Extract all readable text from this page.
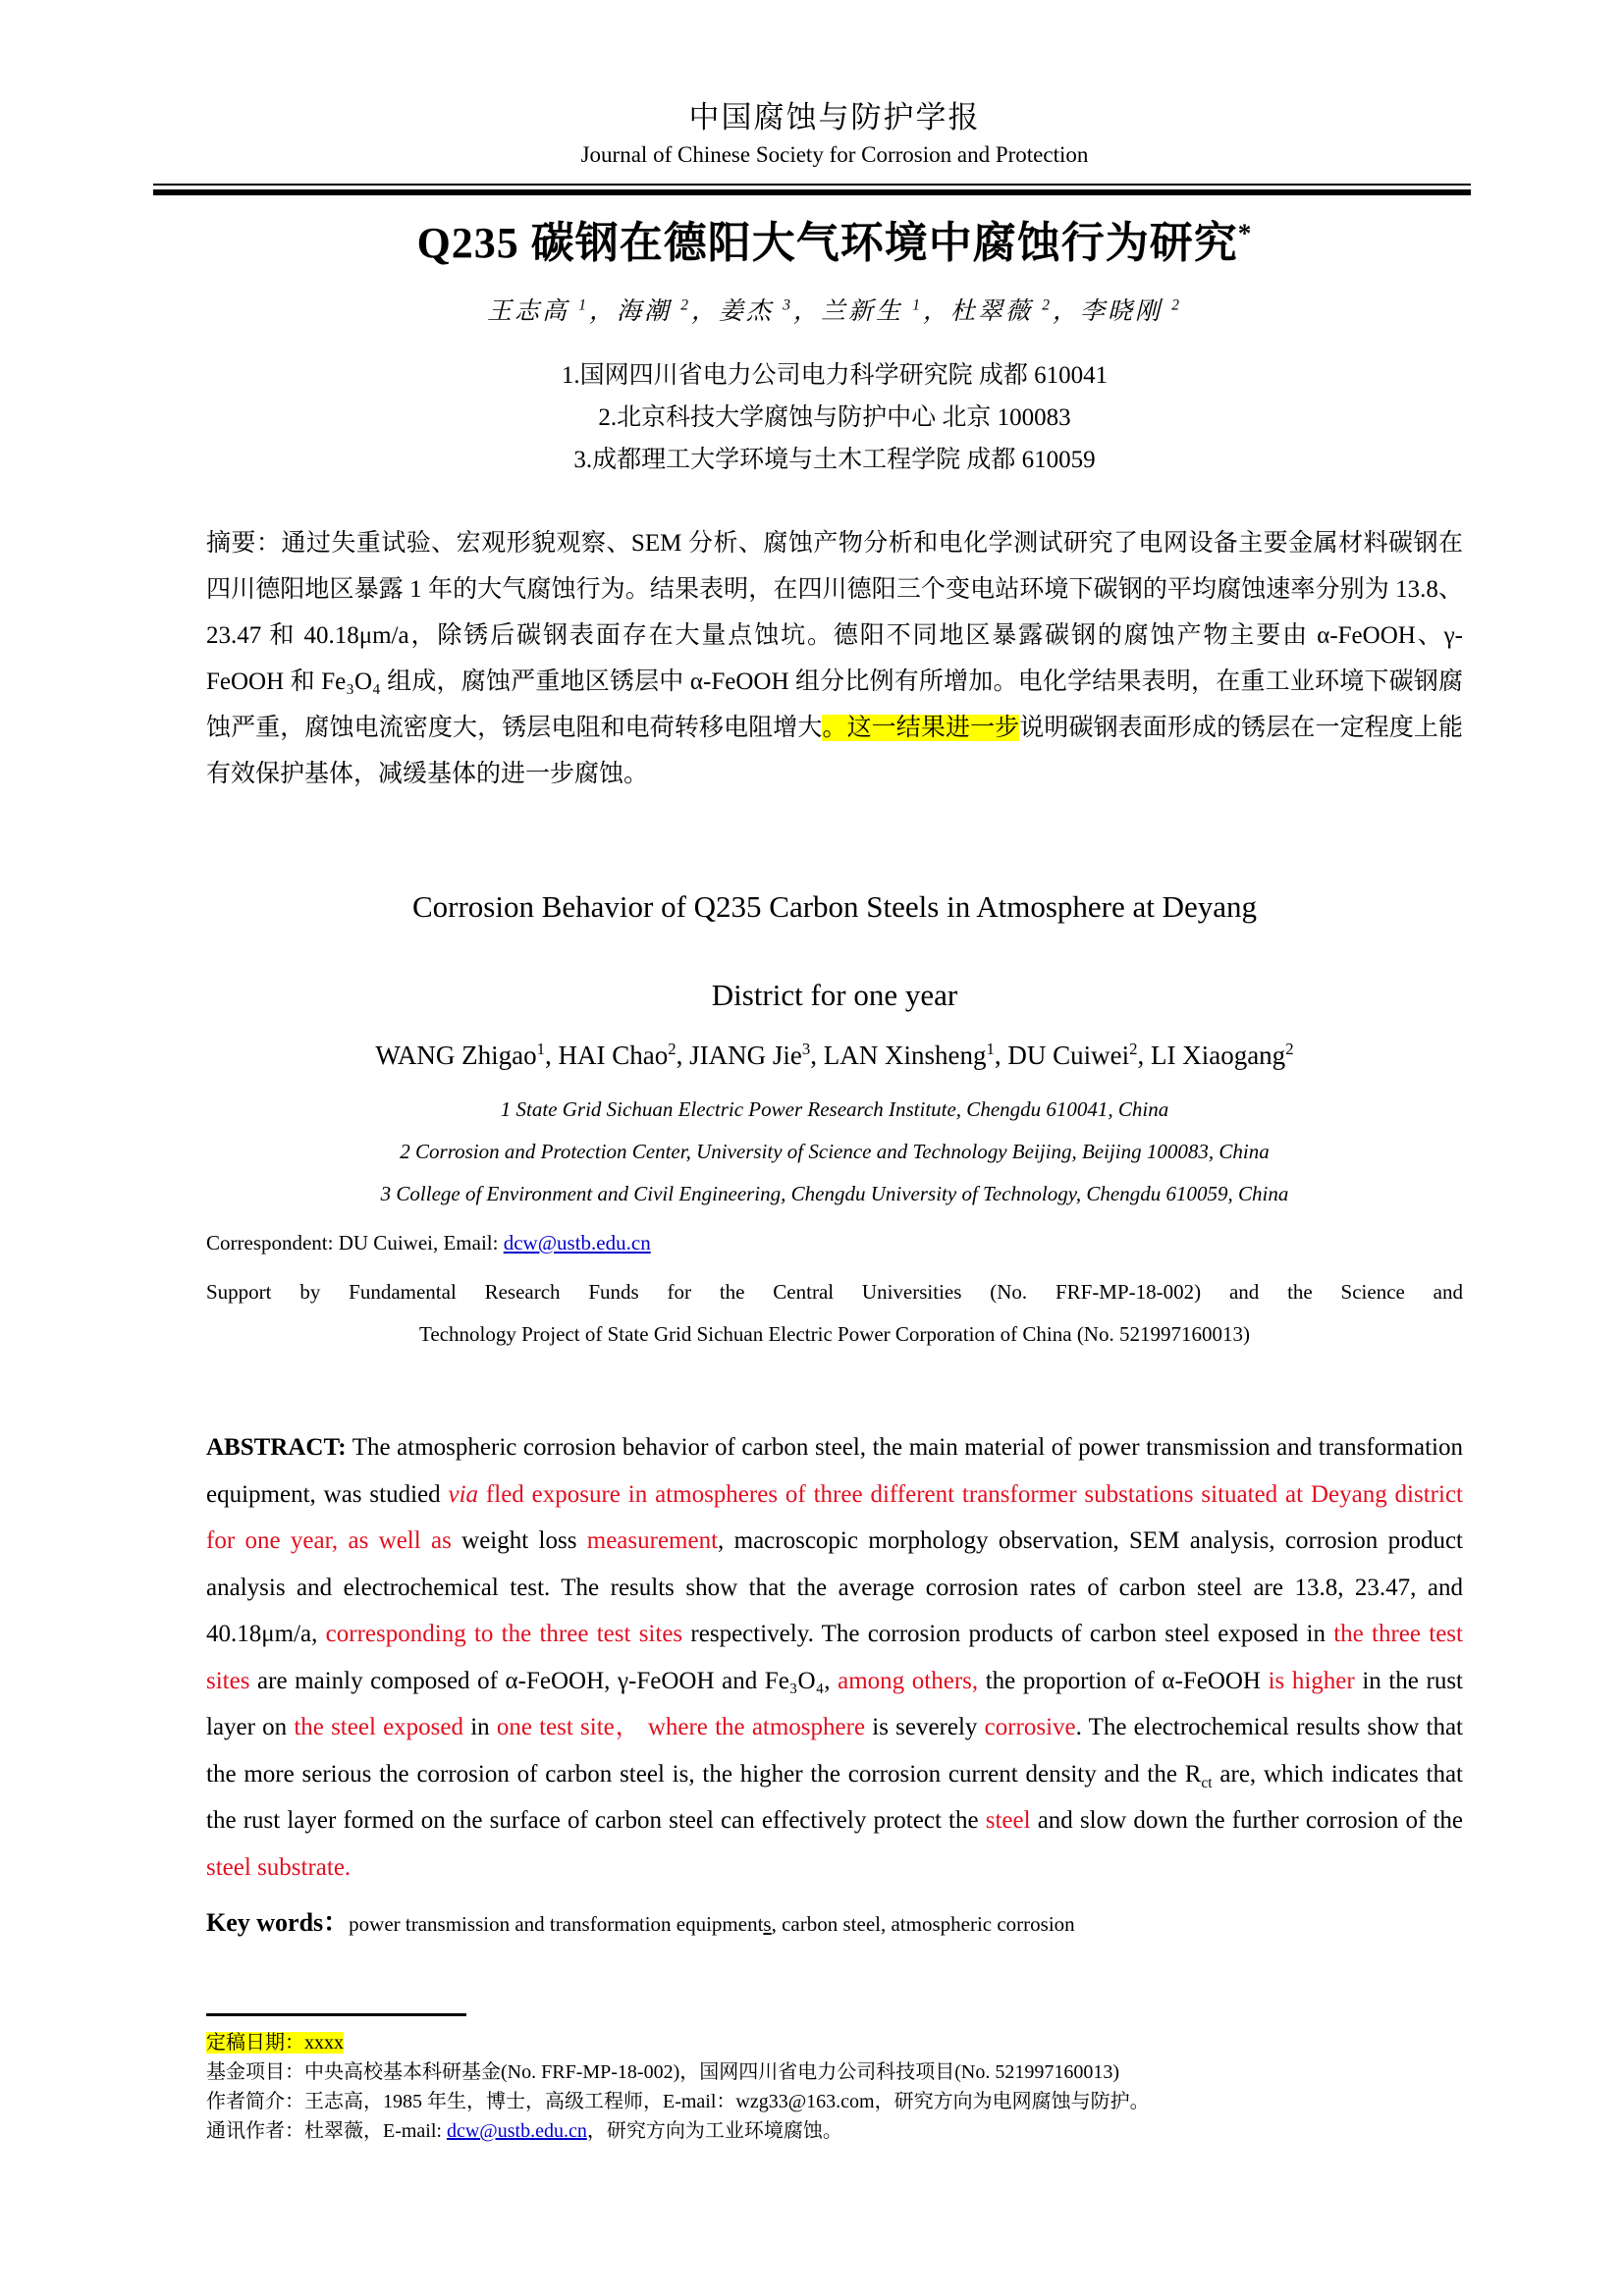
中国腐蚀与防护学报
Journal of Chinese Society for Corrosion and Protection
Q235 碳钢在德阳大气环境中腐蚀行为研究*
王志高 $^1$，海潮 $^2$，姜杰 $^3$，兰新生 $^1$，杜翠薇 $^2$，李晓刚 $^2$
1.国网四川省电力公司电力科学研究院 成都 610041
2.北京科技大学腐蚀与防护中心 北京 100083
3.成都理工大学环境与土木工程学院 成都 610059
摘要：通过失重试验、宏观形貌观察、SEM 分析、腐蚀产物分析和电化学测试研究了电网设备主要金属材料碳钢在四川德阳地区暴露 1 年的大气腐蚀行为。结果表明，在四川德阳三个变电站环境下碳钢的平均腐蚀速率分别为 13.8、23.47 和 40.18μm/a，除锈后碳钢表面存在大量点蚀坑。德阳不同地区暴露碳钢的腐蚀产物主要由 α-FeOOH、γ-FeOOH 和 Fe₃O₄ 组成，腐蚀严重地区锈层中 α-FeOOH 组分比例有所增加。电化学结果表明，在重工业环境下碳钢腐蚀严重，腐蚀电流密度大，锈层电阻和电荷转移电阻增大。这一结果进一步说明碳钢表面形成的锈层在一定程度上能有效保护基体，减缓基体的进一步腐蚀。
Corrosion Behavior of Q235 Carbon Steels in Atmosphere at Deyang
District for one year
WANG Zhigao$^1$, HAI Chao$^2$, JIANG Jie$^3$, LAN Xinsheng$^1$, DU Cuiwei$^2$, LI Xiaogang$^2$
1 State Grid Sichuan Electric Power Research Institute, Chengdu 610041, China
2 Corrosion and Protection Center, University of Science and Technology Beijing, Beijing 100083, China
3 College of Environment and Civil Engineering, Chengdu University of Technology, Chengdu 610059, China
Correspondent: DU Cuiwei, Email: dcw@ustb.edu.cn
Support by Fundamental Research Funds for the Central Universities (No. FRF-MP-18-002) and the Science and
Technology Project of State Grid Sichuan Electric Power Corporation of China (No. 521997160013)
ABSTRACT: The atmospheric corrosion behavior of carbon steel, the main material of power transmission and transformation equipment, was studied via fled exposure in atmospheres of three different transformer substations situated at Deyang district for one year, as well as weight loss measurement, macroscopic morphology observation, SEM analysis, corrosion product analysis and electrochemical test. The results show that the average corrosion rates of carbon steel are 13.8, 23.47, and 40.18μm/a, corresponding to the three test sites respectively. The corrosion products of carbon steel exposed in the three test sites are mainly composed of α-FeOOH, γ-FeOOH and Fe₃O₄, among others, the proportion of α-FeOOH is higher in the rust layer on the steel exposed in one test site， where the atmosphere is severely corrosive. The electrochemical results show that the more serious the corrosion of carbon steel is, the higher the corrosion current density and the $R_{ct}$ are, which indicates that the rust layer formed on the surface of carbon steel can effectively protect the steel and slow down the further corrosion of the steel substrate.
Key words：power transmission and transformation equipments, carbon steel, atmospheric corrosion
定稿日期：xxxx
基金项目：中央高校基本科研基金(No. FRF-MP-18-002)，国网四川省电力公司科技项目(No. 521997160013)
作者简介：王志高，1985 年生，博士，高级工程师，E-mail：wzg33@163.com，研究方向为电网腐蚀与防护。
通讯作者：杜翠薇，E-mail: dcw@ustb.edu.cn，研究方向为工业环境腐蚀。
